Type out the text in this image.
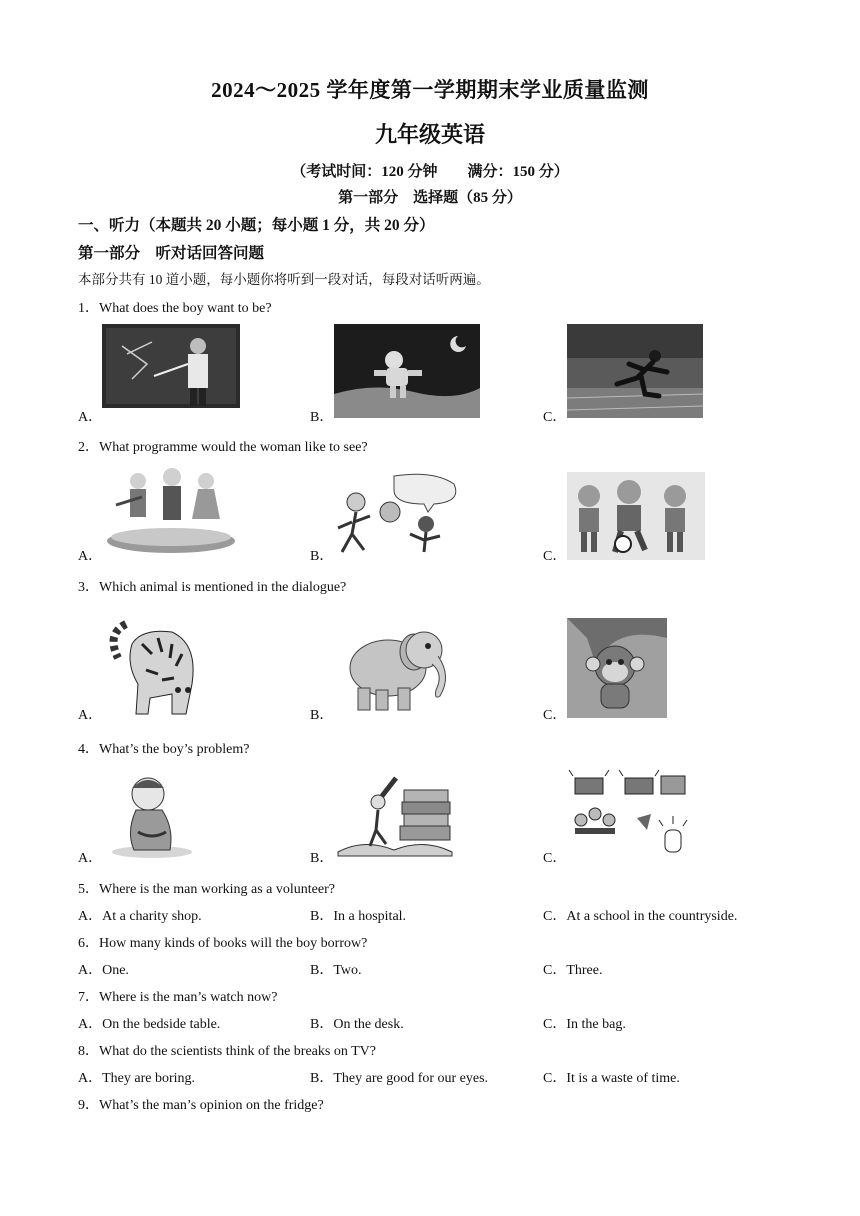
2024～2025 学年度第一学期期末学业质量监测
九年级英语
（考试时间：120 分钟 满分：150 分）
第一部分　选择题（85 分）
一、听力（本题共 20 小题；每小题 1 分，共 20 分）
第一部分　听对话回答问题
本部分共有 10 道小题，每小题你将听到一段对话，每段对话听两遍。
1．What does the boy want to be?
A．	B．	C．
2．What programme would the woman like to see?
A．	B．	C．
3．Which animal is mentioned in the dialogue?
A．	B．	C．
4．What’s the boy’s problem?
A．	B．	C．
5．Where is the man working as a volunteer?
A．At a charity shop.	B．In a hospital.	C．At a school in the countryside.
6．How many kinds of books will the boy borrow?
A．One.	B．Two.	C．Three.
7．Where is the man’s watch now?
A．On the bedside table.	B．On the desk.	C．In the bag.
8．What do the scientists think of the breaks on TV?
A．They are boring.	B．They are good for our eyes.	C．It is a waste of time.
9．What’s the man’s opinion on the fridge?
